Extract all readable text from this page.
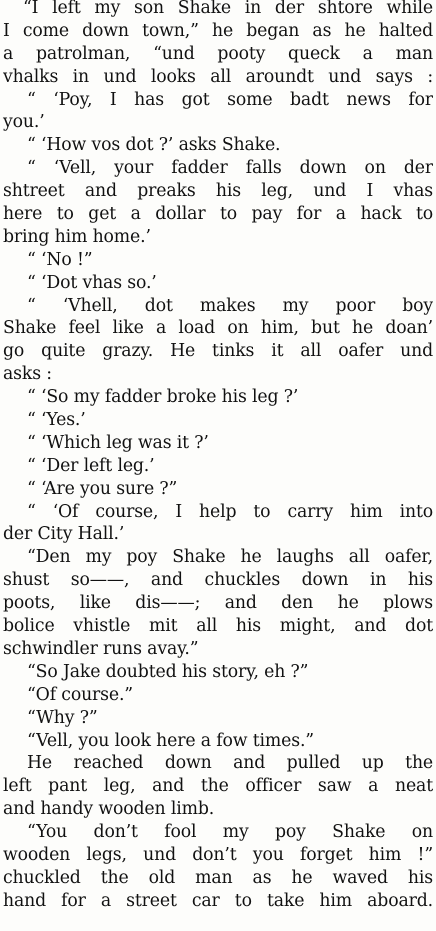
“I left my son Shake in der shtore while
I come down town,” he began as he halted
a patrolman, “und pooty queck a man
vhalks in und looks all aroundt und says :
“ ‘Poy, I has got some badt news for
you.’
“ ‘How vos dot ?’ asks Shake.
“ ‘Vell, your fadder falls down on der
shtreet and preaks his leg, und I vhas
here to get a dollar to pay for a hack to
bring him home.’
“ ‘No !”
“ ‘Dot vhas so.’
“ ‘Vhell, dot makes my poor boy
Shake feel like a load on him, but he doan’
go quite grazy. He tinks it all oafer und
asks :
“ ‘So my fadder broke his leg ?’
“ ‘Yes.’
“ ‘Which leg was it ?’
“ ‘Der left leg.’
“ ‘Are you sure ?”
“ ‘Of course, I help to carry him into
der City Hall.’
“Den my poy Shake he laughs all oafer,
shust so——, and chuckles down in his
poots, like dis——; and den he plows
bolice vhistle mit all his might, and dot
schwindler runs avay.”
“So Jake doubted his story, eh ?”
“Of course.”
“Why ?”
“Vell, you look here a fow times.”
He reached down and pulled up the
left pant leg, and the officer saw a neat
and handy wooden limb.
“You don’t fool my poy Shake on
wooden legs, und don’t you forget him !”
chuckled the old man as he waved his
hand for a street car to take him aboard.
